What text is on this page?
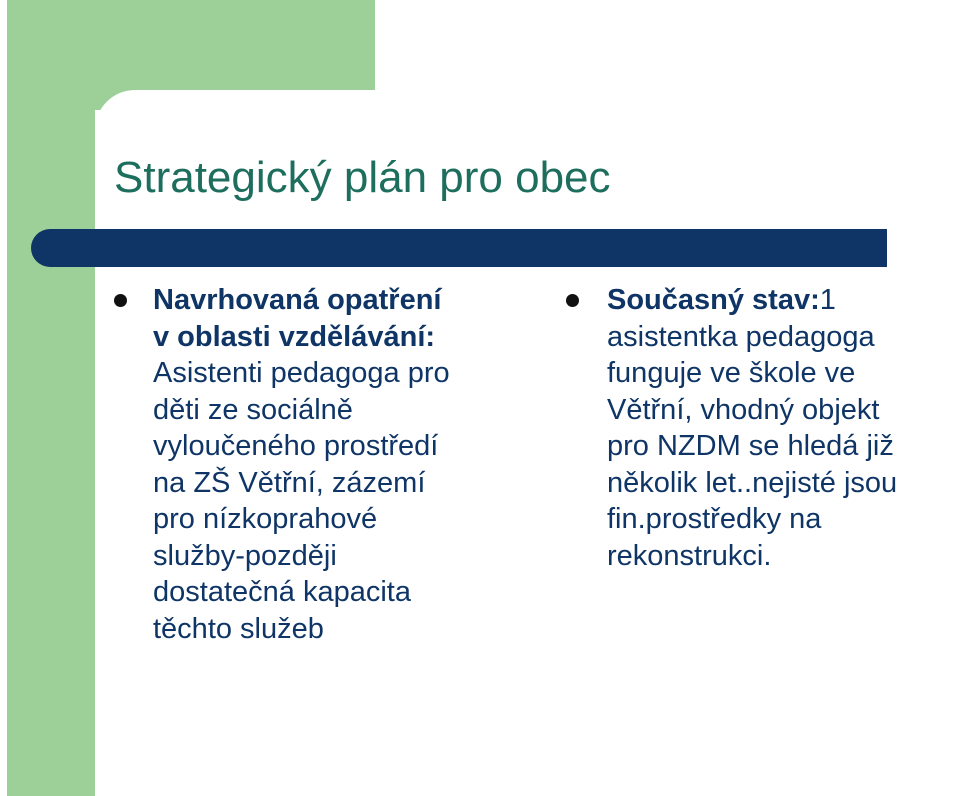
Strategický plán pro obec
Navrhovaná opatření
v oblasti vzdělávání:
Asistenti pedagoga pro
děti ze sociálně
vyloučeného prostředí
na ZŠ Větřní, zázemí
pro nízkoprahové
služby-později
dostatečná kapacita
těchto služeb
Současný stav:1
asistentka pedagoga
funguje ve škole ve
Větřní, vhodný objekt
pro NZDM se hledá již
několik let..nejisté jsou
fin.prostředky na
rekonstrukci.
